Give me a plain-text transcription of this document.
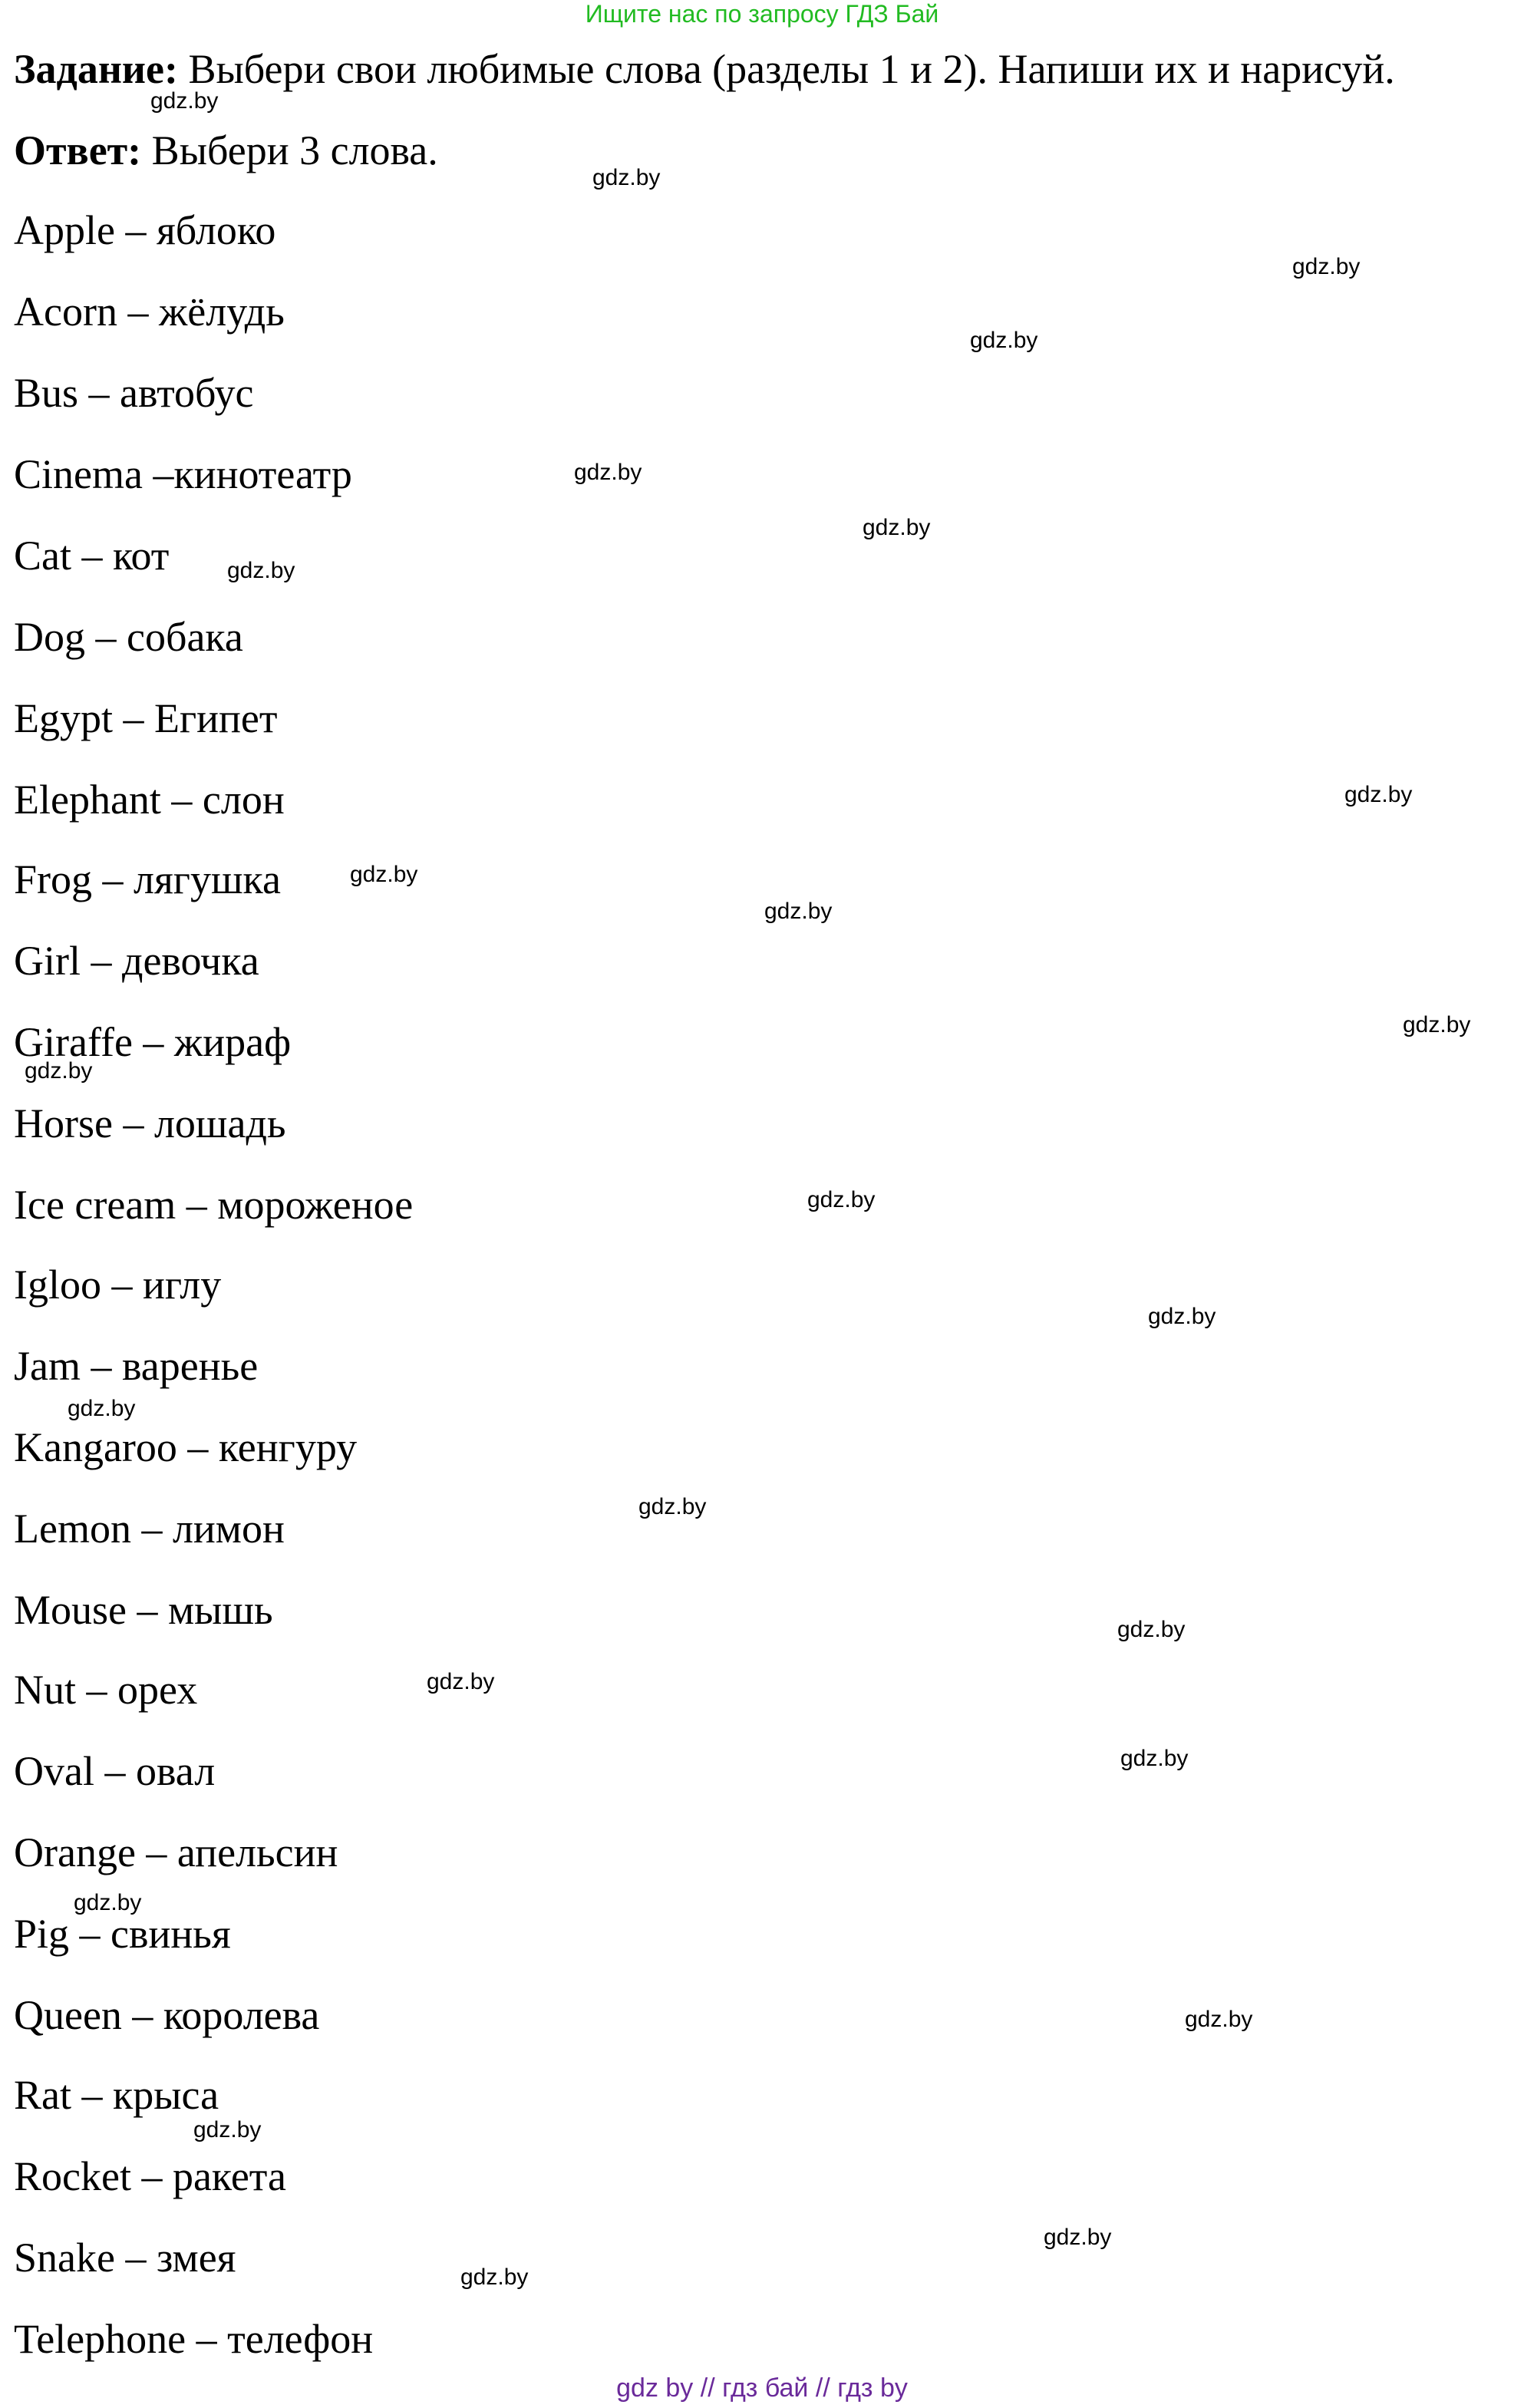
Ищите нас по запросу ГДЗ Бай
Задание: Выбери свои любимые слова (разделы 1 и 2). Напиши их и нарисуй.
Ответ: Выбери 3 слова.
Apple – яблоко
Acorn – жёлудь
Bus – автобус
Cinema –кинотеатр
Cat – кот
Dog – собака
Egypt – Египет
Elephant – слон
Frog – лягушка
Girl – девочка
Giraffe – жираф
Horse – лошадь
Ice cream – мороженое
Igloo – иглу
Jam – варенье
Kangaroo – кенгуру
Lemon – лимон
Mouse – мышь
Nut – орех
Oval – овал
Orange – апельсин
Pig – свинья
Queen – королева
Rat – крыса
Rocket – ракета
Snake – змея
Telephone – телефон
gdz.by
gdz.by
gdz.by
gdz.by
gdz.by
gdz.by
gdz.by
gdz.by
gdz.by
gdz.by
gdz.by
gdz.by
gdz.by
gdz.by
gdz.by
gdz.by
gdz.by
gdz.by
gdz.by
gdz.by
gdz.by
gdz.by
gdz.by
gdz.by
gdz by // гдз бай // гдз by
